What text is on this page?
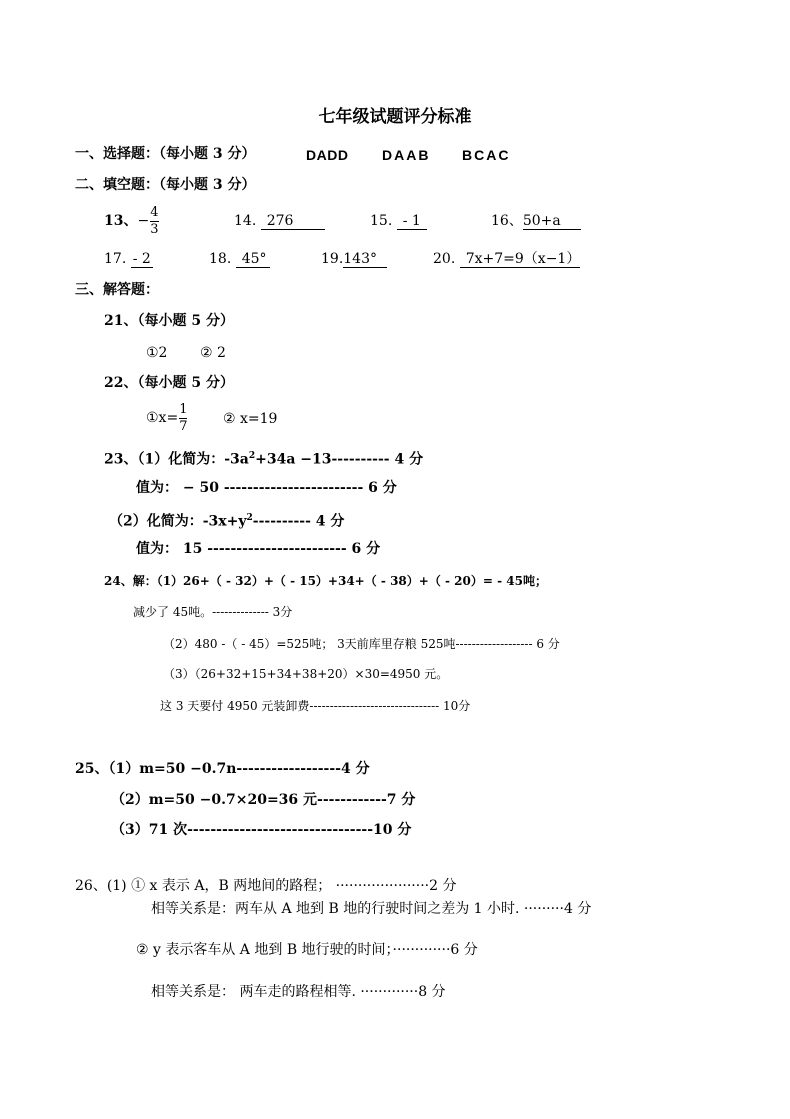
七年级试题评分标准
一、选择题：（每小题 3 分）	DADD DAAB BCAC
二、填空题：（每小题 3 分）
13、− $\frac{4}{3}$	14. 276	15. - 1	16、50+a
17. - 2	18. 45°	19.143°	20. 7x+7=9（x−1）
三、解答题：
21、（每小题 5 分）
①2 ② 2
22、（每小题 5 分）
①x= $\frac{1}{7}$	② x=19
23、（1）化简为：$-3a^2+34a -13----------$ 4 分
值为： − 50 ------------------------ 6 分
（2）化简为：$-3x+y^2----------$ 4 分
值为： 15 ------------------------ 6 分
24、解：（1）26+（ - 32）+（ - 15）+34+（ - 38）+（ - 20）= - 45吨；
减少了 45吨。-------------- 3分
（2）480 -（ - 45）=525吨； 3天前库里存粮 525吨------------------- 6 分
（3）（26+32+15+34+38+20）×30=4950 元。
这 3 天要付 4950 元装卸费-------------------------------- 10分
25、（1）m=50 −0.7n------------------4 分
（2）m=50 −0.7×20=36 元------------7 分
（3）71 次--------------------------------10 分
26、(1) ① x 表示 A，B 两地间的路程； ·····················2 分
相等关系是：两车从 A 地到 B 地的行驶时间之差为 1 小时. ·········4 分
② y 表示客车从 A 地到 B 地行驶的时间；·············6 分
相等关系是： 两车走的路程相等. ·············8 分
